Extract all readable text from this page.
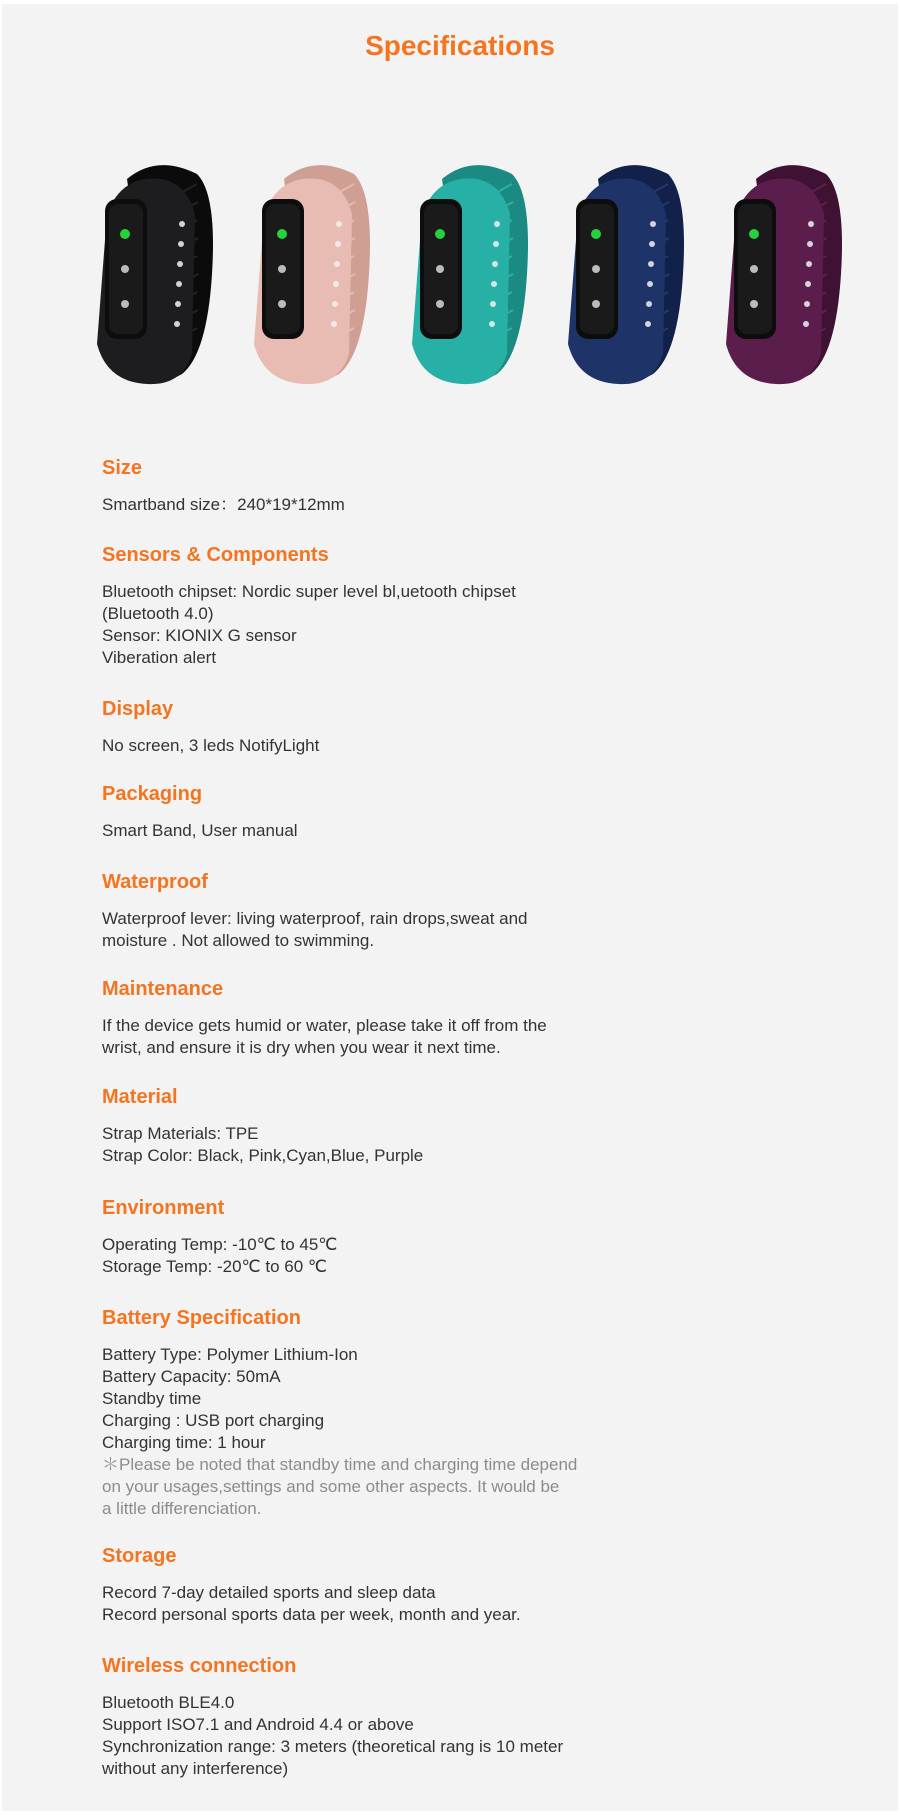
Specifications
Size
Smartband size：240*19*12mm
Sensors & Components
Bluetooth chipset: Nordic super level bl,uetooth chipset
(Bluetooth 4.0)
Sensor: KIONIX G sensor
Viberation alert
Display
No screen, 3 leds NotifyLight
Packaging
Smart Band, User manual
Waterproof
Waterproof lever: living waterproof, rain drops,sweat and
moisture . Not allowed to swimming.
Maintenance
If the device gets humid or water, please take it off from the
wrist, and ensure it is dry when you wear it next time.
Material
Strap Materials: TPE
Strap Color: Black, Pink,Cyan,Blue, Purple
Environment
Operating Temp: -10℃ to 45℃
Storage Temp: -20℃ to 60 ℃
Battery Specification
Battery Type: Polymer Lithium-Ion
Battery Capacity: 50mA
Standby time
Charging : USB port charging
Charging time: 1 hour
＊Please be noted that standby time and charging time depend
on your usages,settings and some other aspects. It would be
a little differenciation.
Storage
Record 7-day detailed sports and sleep data
Record personal sports data per week, month and year.
Wireless connection
Bluetooth BLE4.0
Support ISO7.1 and Android 4.4 or above
Synchronization range: 3 meters (theoretical rang is 10 meter
without any interference)
